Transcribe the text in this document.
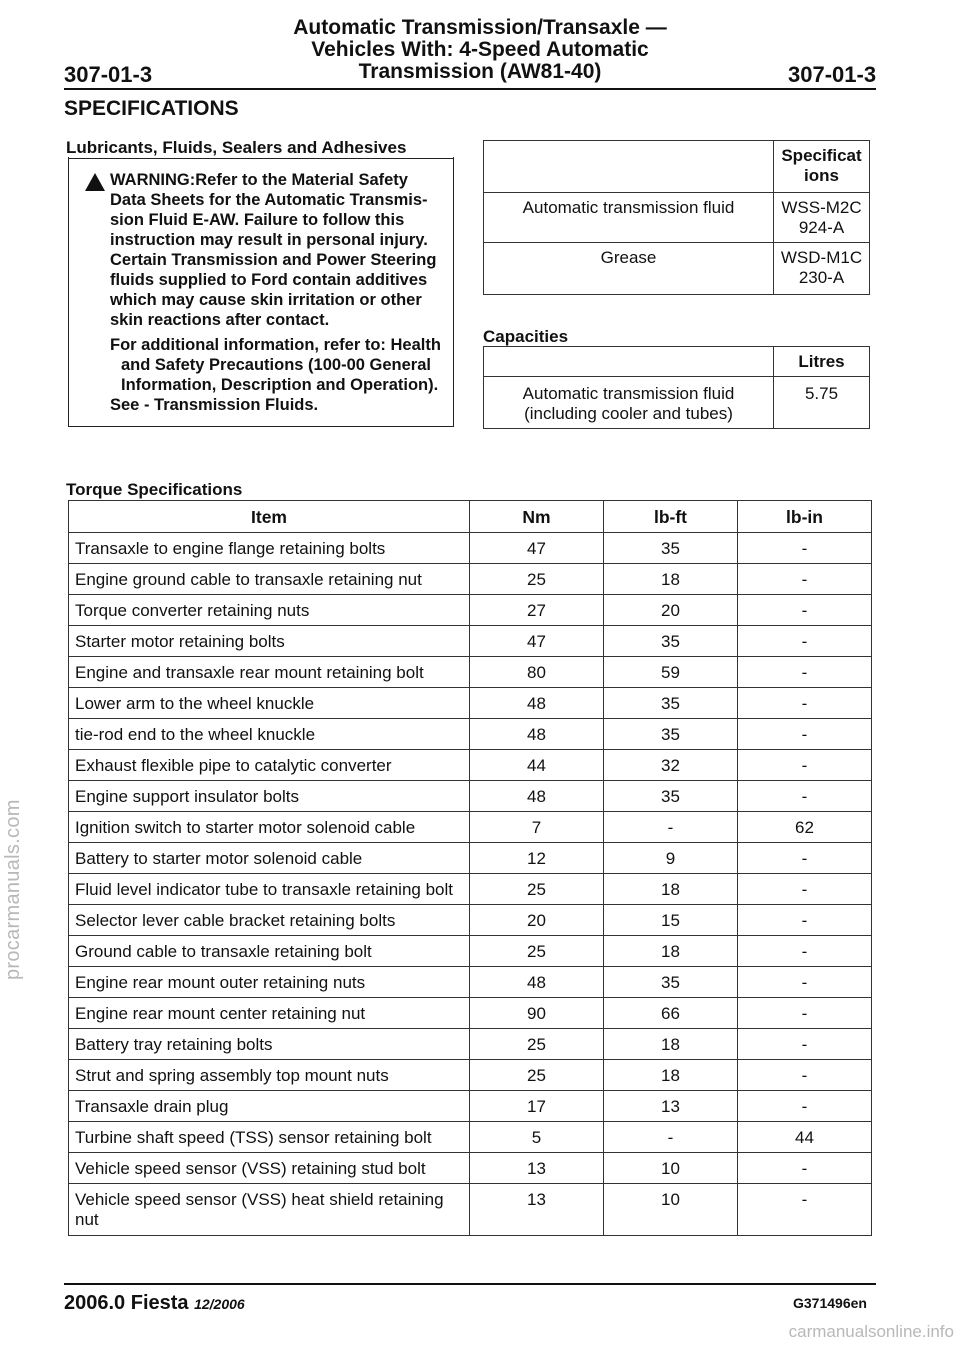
Automatic Transmission/Transaxle —
Vehicles With: 4-Speed Automatic
Transmission (AW81-40)
307-01-3	307-01-3
SPECIFICATIONS
Lubricants, Fluids, Sealers and Adhesives
WARNING:Refer to the Material Safety
Data Sheets for the Automatic Transmis-
sion Fluid E-AW. Failure to follow this
instruction may result in personal injury.
Certain Transmission and Power Steering
fluids supplied to Ford contain additives
which may cause skin irritation or other
skin reactions after contact.
For additional information, refer to: Health
and Safety Precautions (100-00 General
Information, Description and Operation).
See - Transmission Fluids.
Specificat
ions
Automatic transmission fluid	WSS-M2C
924-A
Grease	WSD-M1C
230-A
Capacities
Litres
Automatic transmission fluid
(including cooler and tubes)
5.75
Torque Specifications
Item	Nm	lb-ft	lb-in
Transaxle to engine flange retaining bolts	47	35	-
Engine ground cable to transaxle retaining nut	25	18	-
Torque converter retaining nuts	27	20	-
Starter motor retaining bolts	47	35	-
Engine and transaxle rear mount retaining bolt	80	59	-
Lower arm to the wheel knuckle	48	35	-
tie-rod end to the wheel knuckle	48	35	-
Exhaust flexible pipe to catalytic converter	44	32	-
Engine support insulator bolts	48	35	-
Ignition switch to starter motor solenoid cable	7	-	62
Battery to starter motor solenoid cable	12	9	-
Fluid level indicator tube to transaxle retaining bolt	25	18	-
Selector lever cable bracket retaining bolts	20	15	-
Ground cable to transaxle retaining bolt	25	18	-
Engine rear mount outer retaining nuts	48	35	-
Engine rear mount center retaining nut	90	66	-
Battery tray retaining bolts	25	18	-
Strut and spring assembly top mount nuts	25	18	-
Transaxle drain plug	17	13	-
Turbine shaft speed (TSS) sensor retaining bolt	5	-	44
Vehicle speed sensor (VSS) retaining stud bolt	13	10	-
Vehicle speed sensor (VSS) heat shield retaining nut	13	10	-
2006.0 Fiesta 12/2006	G371496en
procarmanuals.com
carmanualsonline.info
